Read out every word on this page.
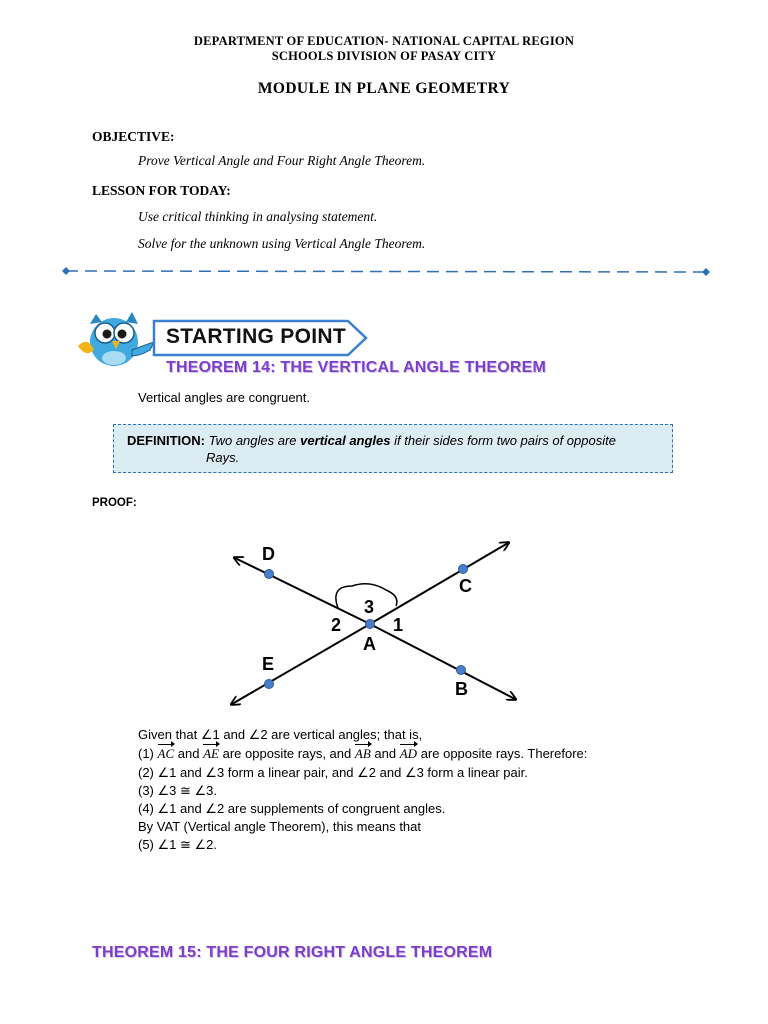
DEPARTMENT OF EDUCATION- NATIONAL CAPITAL REGION
SCHOOLS DIVISION OF PASAY CITY
MODULE IN PLANE GEOMETRY
OBJECTIVE:
Prove Vertical Angle and Four Right Angle Theorem.
LESSON FOR TODAY:
Use critical thinking in analysing statement.
Solve for the unknown using Vertical Angle Theorem.
STARTING POINT
THEOREM 14: THE VERTICAL ANGLE THEOREM
Vertical angles are congruent.
DEFINITION: Two angles are vertical angles if their sides form two pairs of opposite
Rays.
PROOF:
D
C
E
B
A
3
2	1
Given that ∠1 and ∠2 are vertical angles; that is,
(1) AC and AE are opposite rays, and AB and AD are opposite rays. Therefore:
(2) ∠1 and ∠3 form a linear pair, and ∠2 and ∠3 form a linear pair.
(3) ∠3 ≅ ∠3.
(4) ∠1 and ∠2 are supplements of congruent angles.
By VAT (Vertical angle Theorem), this means that
(5) ∠1 ≅ ∠2.
THEOREM 15: THE FOUR RIGHT ANGLE THEOREM
